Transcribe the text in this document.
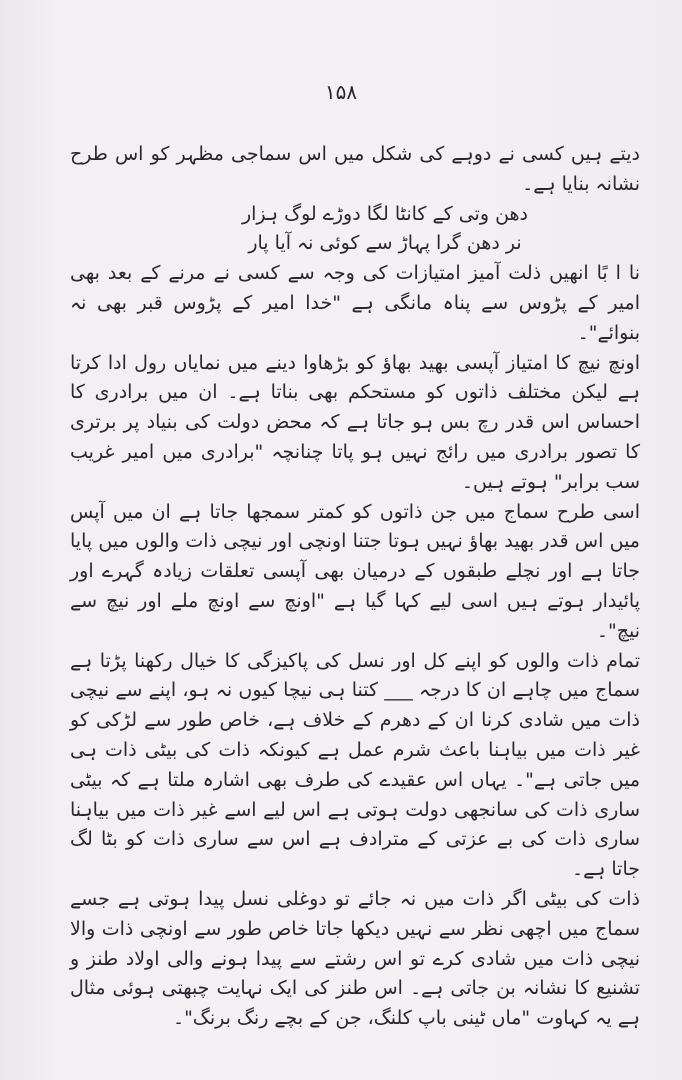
۱۵۸

دیتے ہیں کسی نے دوہے کی شکل میں اس سماجی مظہر کو اس طرح نشانہ بنایا ہے۔

دھن وتی کے کانٹا لگا دوڑے لوگ ہزار

نر دھن گرا پہاڑ سے کوئی نہ آیا پار

نا ا بًا انھیں ذلت آمیز امتیازات کی وجہ سے کسی نے مرنے کے بعد بھی امیر کے پڑوس سے پناہ مانگی ہے "خدا امیر کے پڑوس قبر بھی نہ بنوائے"۔

اونچ نیچ کا امتیاز آپسی بھید بھاؤ کو بڑھاوا دینے میں نمایاں رول ادا کرتا ہے لیکن مختلف ذاتوں کو مستحکم بھی بناتا ہے۔ ان میں برادری کا احساس اس قدر رچ بس ہو جاتا ہے کہ محض دولت کی بنیاد پر برتری کا تصور برادری میں رائج نہیں ہو پاتا چنانچہ "برادری میں امیر غریب سب برابر" ہوتے ہیں۔

اسی طرح سماج میں جن ذاتوں کو کمتر سمجھا جاتا ہے ان میں آپس میں اس قدر بھید بھاؤ نہیں ہوتا جتنا اونچی اور نیچی ذات والوں میں پایا جاتا ہے اور نچلے طبقوں کے درمیان بھی آپسی تعلقات زیادہ گہرے اور پائیدار ہوتے ہیں اسی لیے کہا گیا ہے "اونچ سے اونچ ملے اور نیچ سے نیچ"۔

تمام ذات والوں کو اپنے کل اور نسل کی پاکیزگی کا خیال رکھنا پڑتا ہے سماج میں چاہے ان کا درجہ ___ کتنا ہی نیچا کیوں نہ ہو، اپنے سے نیچی ذات میں شادی کرنا ان کے دھرم کے خلاف ہے، خاص طور سے لڑکی کو غیر ذات میں بیاہنا باعث شرم عمل ہے کیونکہ ذات کی بیٹی ذات ہی میں جاتی ہے"۔ یہاں اس عقیدے کی طرف بھی اشارہ ملتا ہے کہ بیٹی ساری ذات کی سانجھی دولت ہوتی ہے اس لیے اسے غیر ذات میں بیاہنا ساری ذات کی بے عزتی کے مترادف ہے اس سے ساری ذات کو بٹا لگ جاتا ہے۔

ذات کی بیٹی اگر ذات میں نہ جائے تو دوغلی نسل پیدا ہوتی ہے جسے سماج میں اچھی نظر سے نہیں دیکھا جاتا خاص طور سے اونچی ذات والا نیچی ذات میں شادی کرے تو اس رشتے سے پیدا ہونے والی اولاد طنز و تشنیع کا نشانہ بن جاتی ہے۔ اس طنز کی ایک نہایت چبھتی ہوئی مثال ہے یہ کہاوت "ماں ٹینی باپ کلنگ، جن کے بچے رنگ برنگ"۔
